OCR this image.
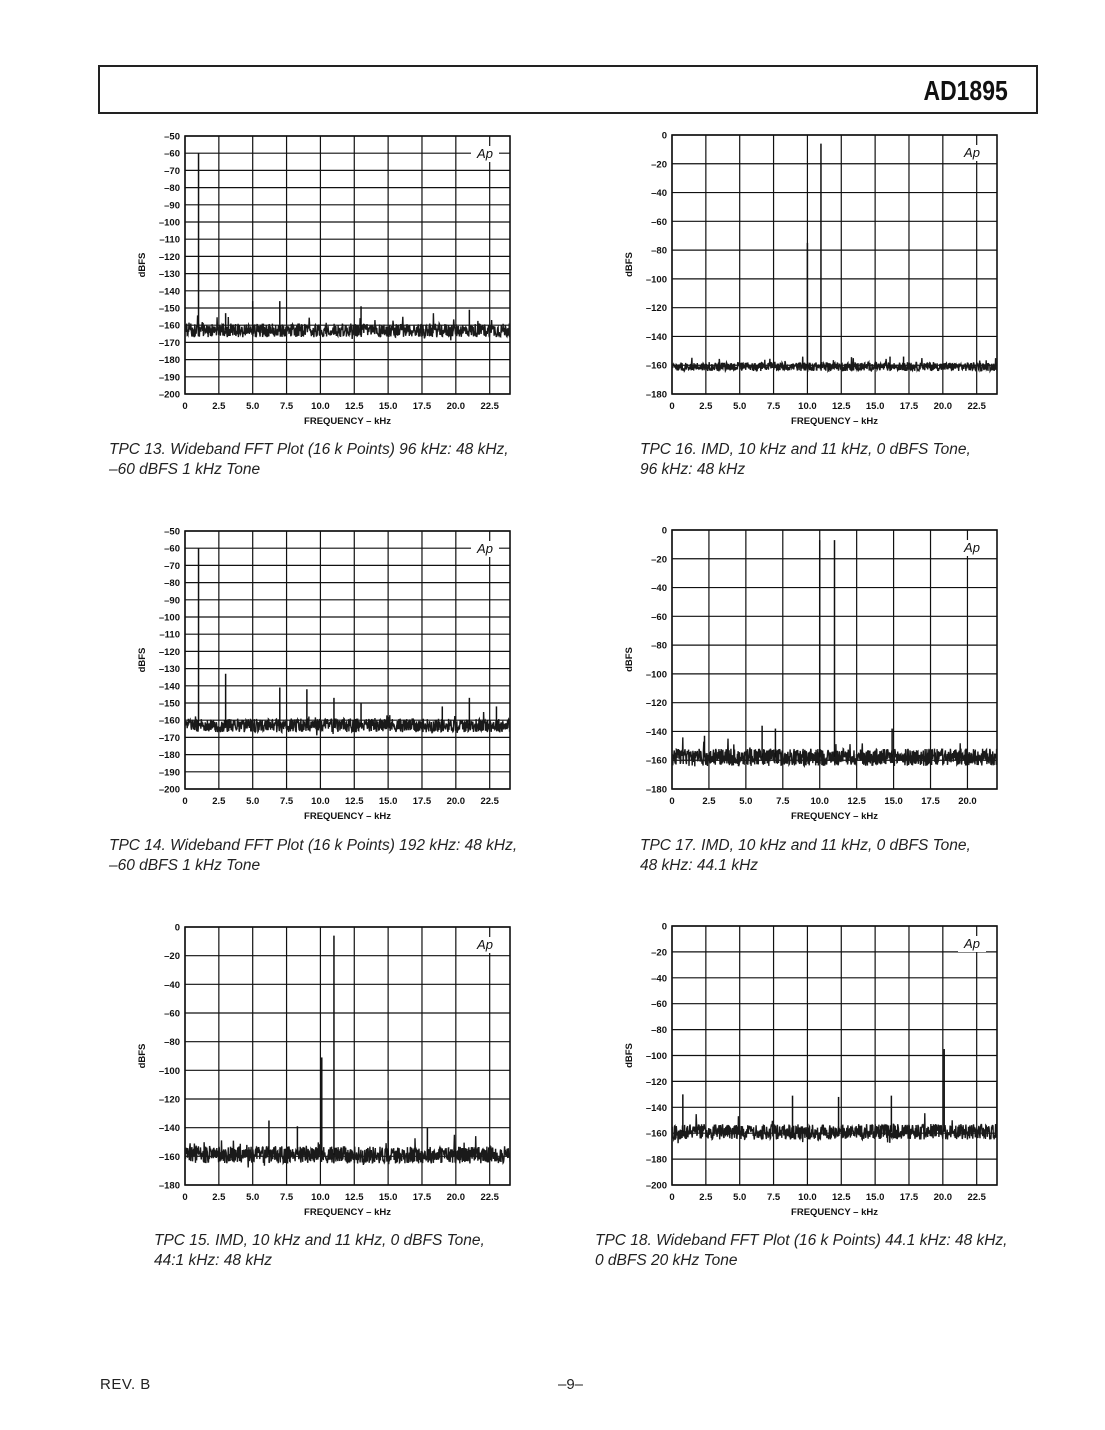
AD1895
–50
–60
–70
–80
–90
–100
–110
–120
–130
–140
–150
–160
–170
–180
–190
–200
0	2.5 5.0 7.5 10.0 12.5 15.0 17.5 20.0 22.5
FREQUENCY – kHz
dBFS
Ap
0
–20
–40
–60
–80
–100
–120
–140
–160
–180
0	2.5 5.0 7.5 10.0 12.5 15.0 17.5 20.0 22.5
FREQUENCY – kHz
dBFS
Ap
–50
–60
–70
–80
–90
–100
–110
–120
–130
–140
–150
–160
–170
–180
–190
–200
0	2.5 5.0 7.5 10.0 12.5 15.0 17.5 20.0 22.5
FREQUENCY – kHz
dBFS
Ap
0
–20
–40
–60
–80
–100
–120
–140
–160
–180
0	2.5 5.0 7.5 10.0 12.5 15.0 17.5 20.0
FREQUENCY – kHz
dBFS
Ap
0
–20
–40
–60
–80
–100
–120
–140
–160
–180
0	2.5 5.0 7.5 10.0 12.5 15.0 17.5 20.0 22.5
FREQUENCY – kHz
dBFS
Ap
0
–20
–40
–60
–80
–100
–120
–140
–160
–180
–200
0	2.5 5.0 7.5 10.0 12.5 15.0 17.5 20.0 22.5
FREQUENCY – kHz
dBFS
Ap
TPC 13. Wideband FFT Plot (16 k Points) 96 kHz: 48 kHz,
–60 dBFS 1 kHz Tone
TPC 16. IMD, 10 kHz and 11 kHz, 0 dBFS Tone,
96 kHz: 48 kHz
TPC 14. Wideband FFT Plot (16 k Points) 192 kHz: 48 kHz,
–60 dBFS 1 kHz Tone
TPC 17. IMD, 10 kHz and 11 kHz, 0 dBFS Tone,
48 kHz: 44.1 kHz
TPC 15. IMD, 10 kHz and 11 kHz, 0 dBFS Tone,
44:1 kHz: 48 kHz
TPC 18. Wideband FFT Plot (16 k Points) 44.1 kHz: 48 kHz,
0 dBFS 20 kHz Tone
REV. B	–9–
